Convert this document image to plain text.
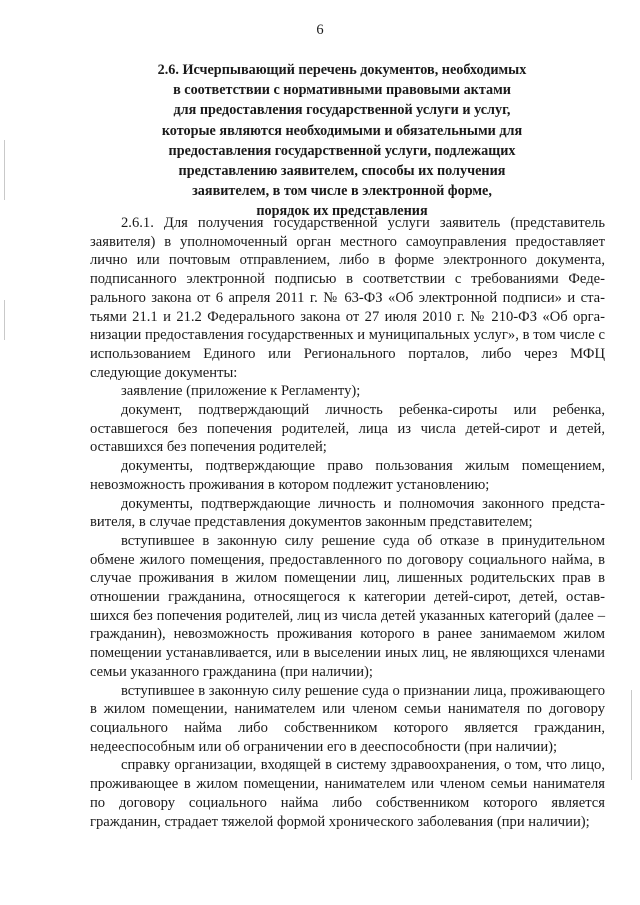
6
2.6. Исчерпывающий перечень документов, необходимых
в соответствии с нормативными правовыми актами
для предоставления государственной услуги и услуг,
которые являются необходимыми и обязательными для
предоставления государственной услуги, подлежащих
представлению заявителем, способы их получения
заявителем, в том числе в электронной форме,
порядок их представления

2.6.1. Для получения государственной услуги заявитель (представитель заявителя) в уполномоченный орган местного самоуправления предоставляет лично или почтовым отправлением, либо в форме электронного документа, подписанного электронной подписью в соответствии с требованиями Федерального закона от 6 апреля 2011 г. № 63-ФЗ «Об электронной подписи» и статьями 21.1 и 21.2 Федерального закона от 27 июля 2010 г. № 210-ФЗ «Об организации предоставления государственных и муниципальных услуг», в том числе с использованием Единого или Регионального порталов, либо через МФЦ следующие документы:

заявление (приложение к Регламенту);

документ, подтверждающий личность ребенка-сироты или ребенка, оставшегося без попечения родителей, лица из числа детей-сирот и детей, оставшихся без попечения родителей;

документы, подтверждающие право пользования жилым помещением, невозможность проживания в котором подлежит установлению;

документы, подтверждающие личность и полномочия законного представителя, в случае представления документов законным представителем;

вступившее в законную силу решение суда об отказе в принудительном обмене жилого помещения, предоставленного по договору социального найма, в случае проживания в жилом помещении лиц, лишенных родительских прав в отношении гражданина, относящегося к категории детей-сирот, детей, оставшихся без попечения родителей, лиц из числа детей указанных категорий (далее – гражданин), невозможность проживания которого в ранее занимаемом жилом помещении устанавливается, или в выселении иных лиц, не являющихся членами семьи указанного гражданина (при наличии);

вступившее в законную силу решение суда о признании лица, проживающего в жилом помещении, нанимателем или членом семьи нанимателя по договору социального найма либо собственником которого является гражданин, недееспособным или об ограничении его в дееспособности (при наличии);

справку организации, входящей в систему здравоохранения, о том, что лицо, проживающее в жилом помещении, нанимателем или членом семьи нанимателя по договору социального найма либо собственником которого является гражданин, страдает тяжелой формой хронического заболевания (при наличии);
